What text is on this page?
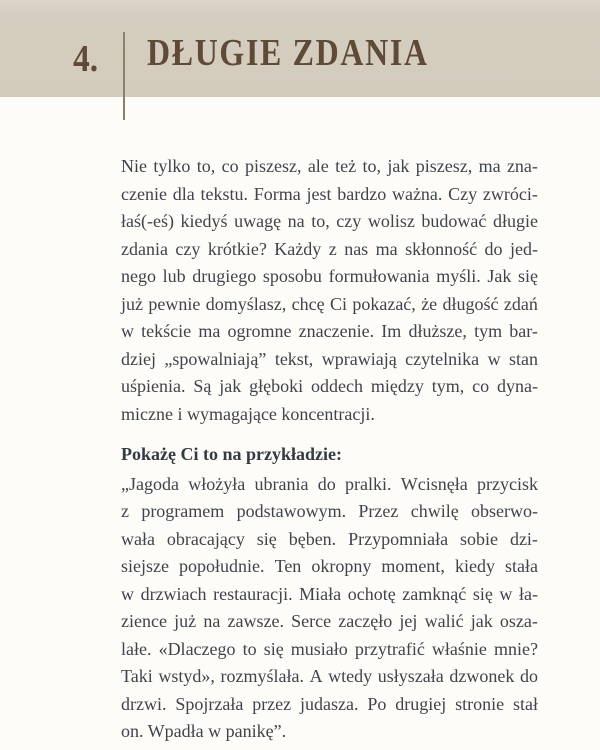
4. DŁUGIE ZDANIA
Nie tylko to, co piszesz, ale też to, jak piszesz, ma zna-
czenie dla tekstu. Forma jest bardzo ważna. Czy zwróci-
łaś(-eś) kiedyś uwagę na to, czy wolisz budować długie
zdania czy krótkie? Każdy z nas ma skłonność do jed-
nego lub drugiego sposobu formułowania myśli. Jak się
już pewnie domyślasz, chcę Ci pokazać, że długość zdań
w tekście ma ogromne znaczenie. Im dłuższe, tym bar-
dziej „spowalniają” tekst, wprawiają czytelnika w stan
uśpienia. Są jak głęboki oddech między tym, co dyna-
miczne i wymagające koncentracji.
Pokażę Ci to na przykładzie:
„Jagoda włożyła ubrania do pralki. Wcisnęła przycisk
z programem podstawowym. Przez chwilę obserwo-
wała obracający się bęben. Przypomniała sobie dzi-
siejsze popołudnie. Ten okropny moment, kiedy stała
w drzwiach restauracji. Miała ochotę zamknąć się w ła-
zience już na zawsze. Serce zaczęło jej walić jak osza-
lałe. «Dlaczego to się musiało przytrafić właśnie mnie?
Taki wstyd», rozmyślała. A wtedy usłyszała dzwonek do
drzwi. Spojrzała przez judasza. Po drugiej stronie stał
on. Wpadła w panikę”.
